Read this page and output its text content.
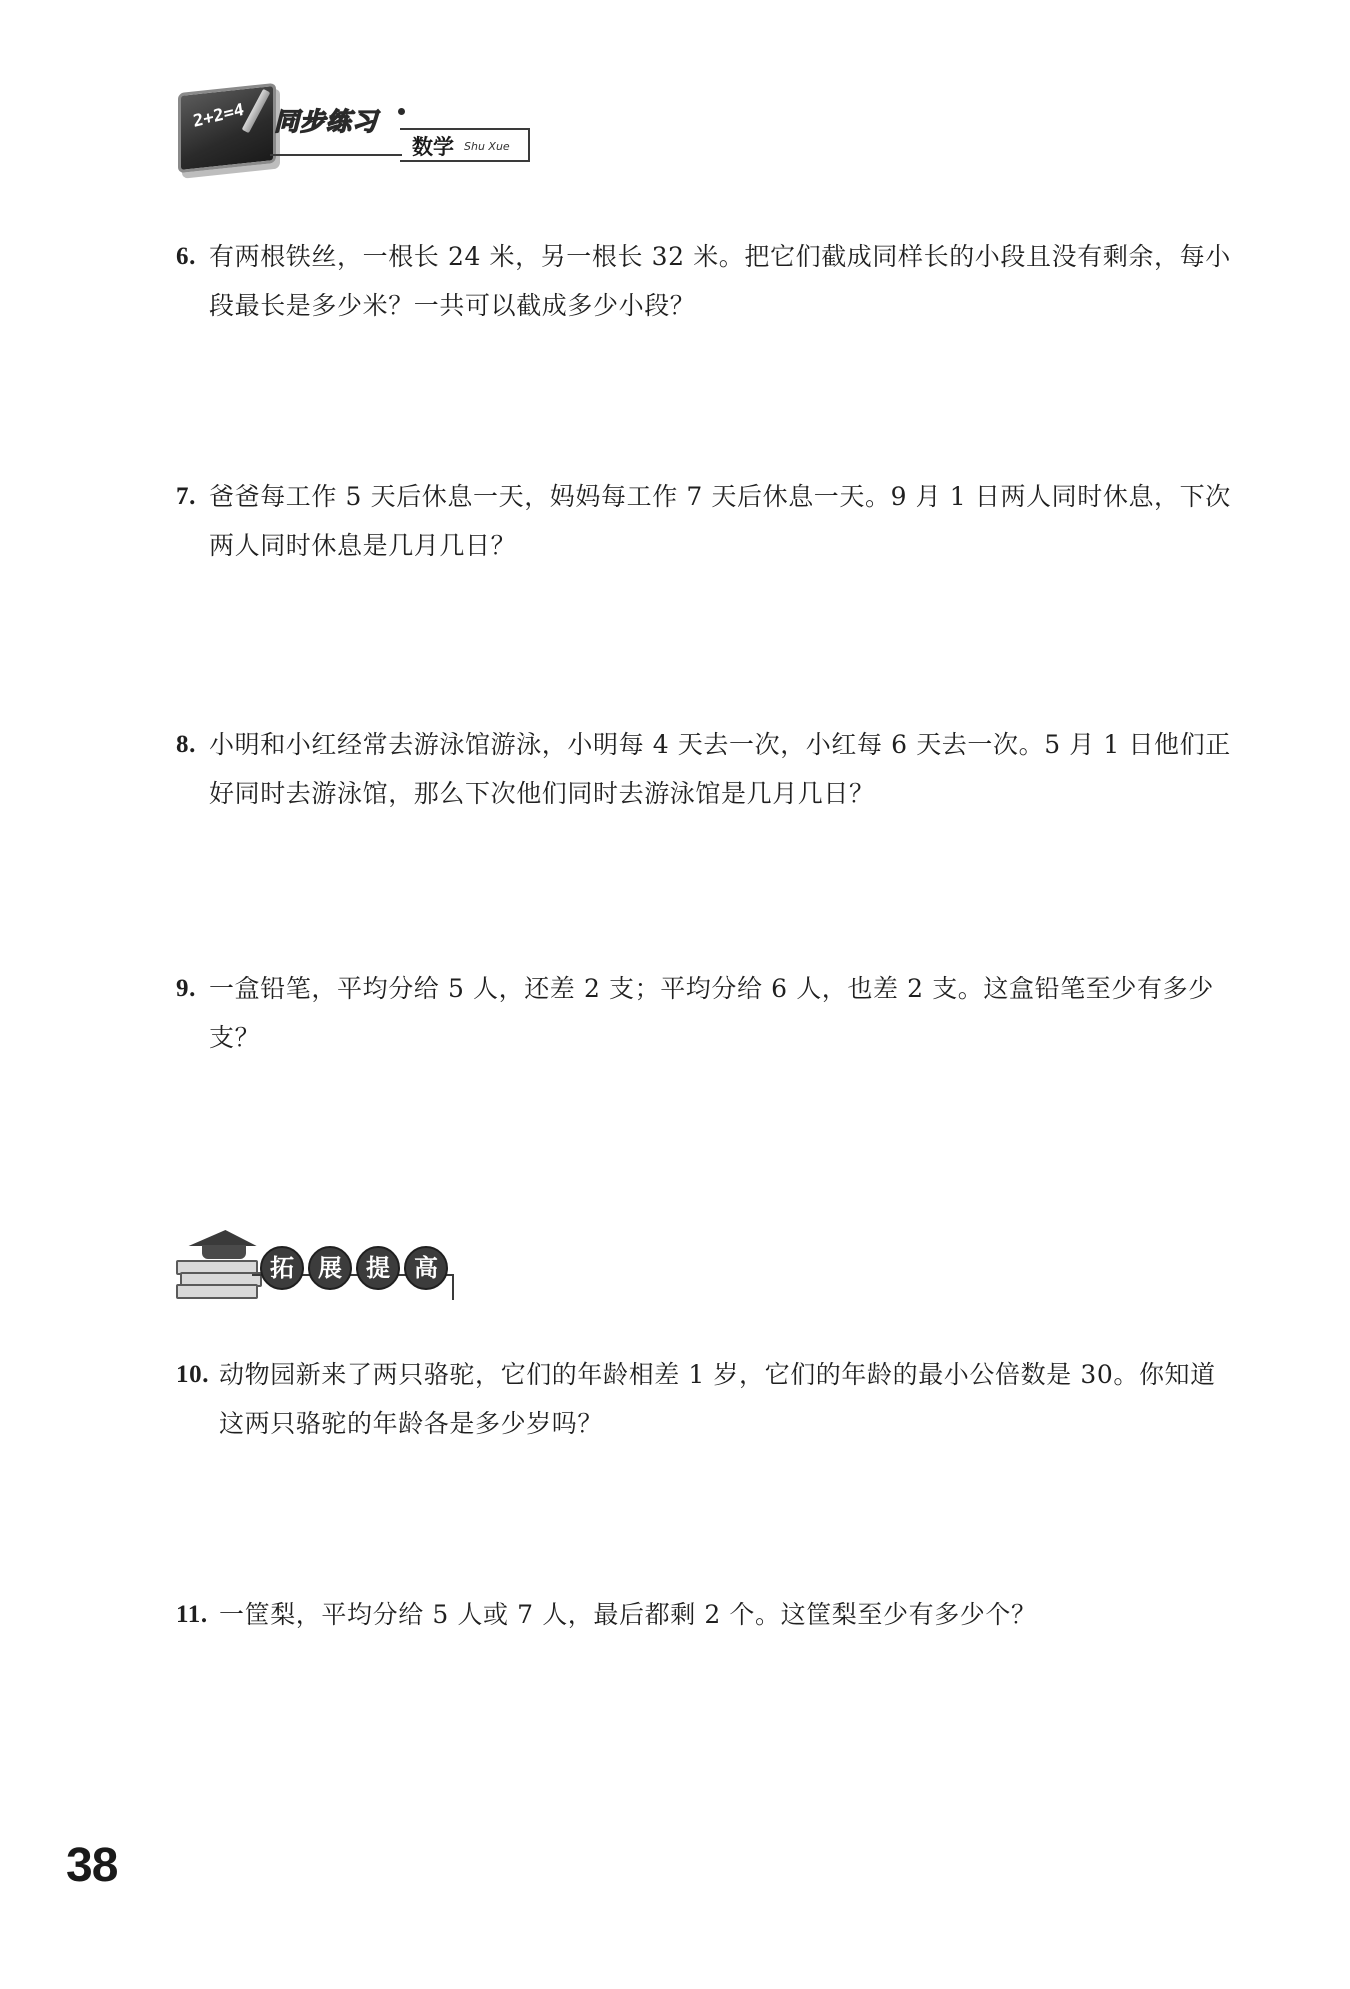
2+2=4 同步练习
数学 Shu Xue
6. 有两根铁丝，一根长 24 米，另一根长 32 米。把它们截成同样长的小段且没有剩余，每小段最长是多少米？一共可以截成多少小段？
7. 爸爸每工作 5 天后休息一天，妈妈每工作 7 天后休息一天。9 月 1 日两人同时休息，下次两人同时休息是几月几日？
8. 小明和小红经常去游泳馆游泳，小明每 4 天去一次，小红每 6 天去一次。5 月 1 日他们正好同时去游泳馆，那么下次他们同时去游泳馆是几月几日？
9. 一盒铅笔，平均分给 5 人，还差 2 支；平均分给 6 人，也差 2 支。这盒铅笔至少有多少支？
拓	展	提	高
10. 动物园新来了两只骆驼，它们的年龄相差 1 岁，它们的年龄的最小公倍数是 30。你知道这两只骆驼的年龄各是多少岁吗？
11. 一筐梨，平均分给 5 人或 7 人，最后都剩 2 个。这筐梨至少有多少个？
38
